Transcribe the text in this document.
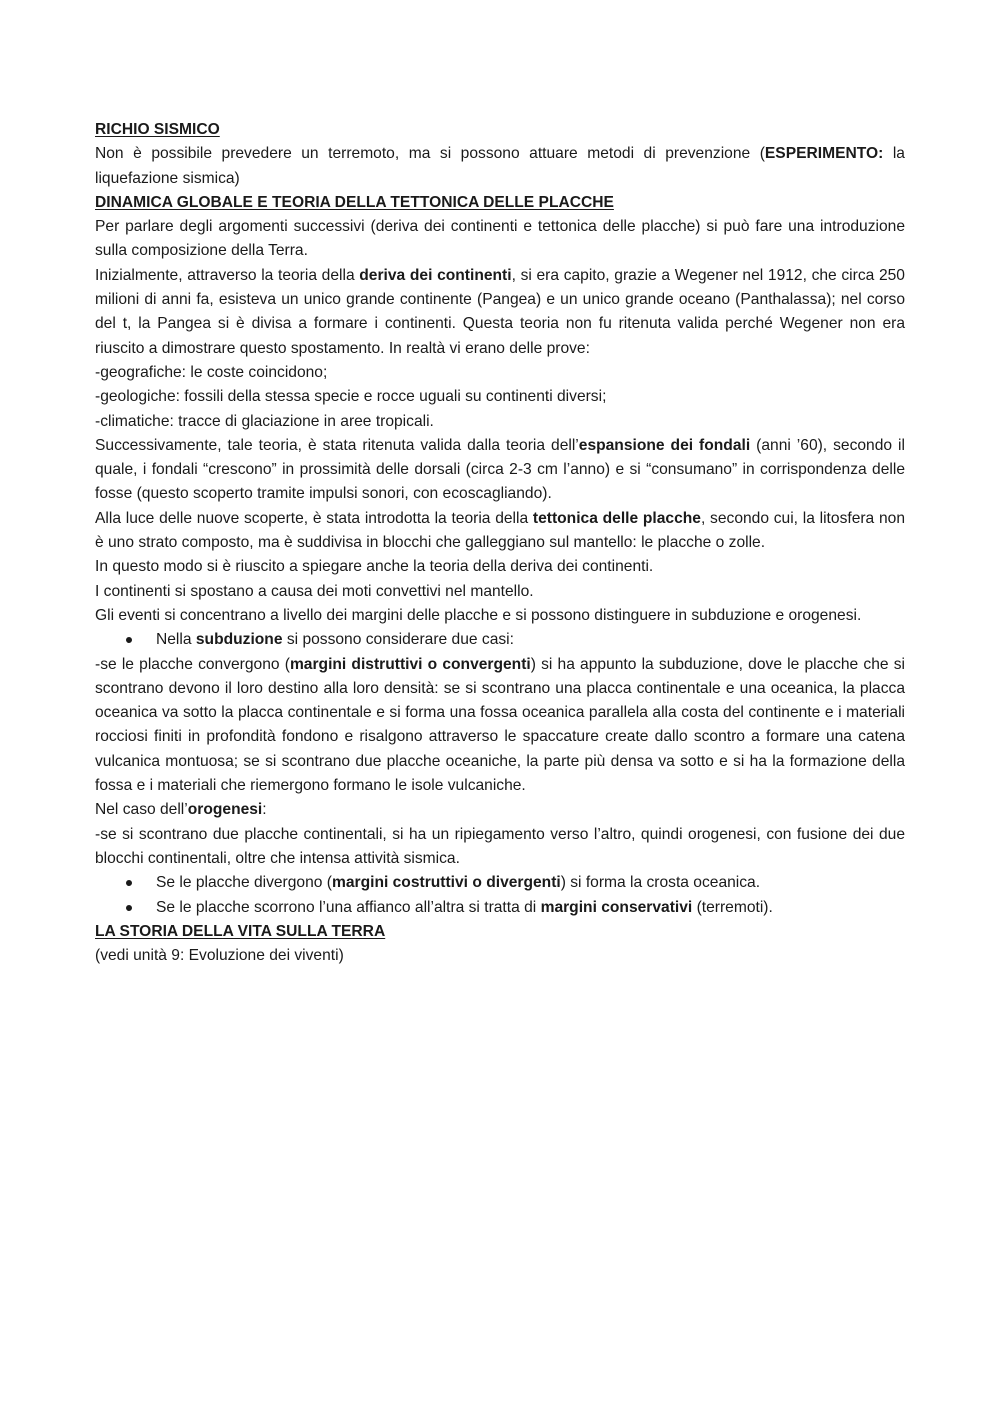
RICHIO SISMICO

Non è possibile prevedere un terremoto, ma si possono attuare metodi di prevenzione (ESPERIMENTO: la liquefazione sismica)

DINAMICA GLOBALE E TEORIA DELLA TETTONICA DELLE PLACCHE

Per parlare degli argomenti successivi (deriva dei continenti e tettonica delle placche) si può fare una introduzione sulla composizione della Terra.

Inizialmente, attraverso la teoria della deriva dei continenti, si era capito, grazie a Wegener nel 1912, che circa 250 milioni di anni fa, esisteva un unico grande continente (Pangea) e un unico grande oceano (Panthalassa); nel corso del t, la Pangea si è divisa a formare i continenti. Questa teoria non fu ritenuta valida perché Wegener non era riuscito a dimostrare questo spostamento. In realtà vi erano delle prove:

-geografiche: le coste coincidono;
-geologiche: fossili della stessa specie e rocce uguali su continenti diversi;
-climatiche: tracce di glaciazione in aree tropicali.

Successivamente, tale teoria, è stata ritenuta valida dalla teoria dell’espansione dei fondali (anni ’60), secondo il quale, i fondali “crescono” in prossimità delle dorsali (circa 2-3 cm l’anno) e si “consumano” in corrispondenza delle fosse (questo scoperto tramite impulsi sonori, con ecoscagliando).

Alla luce delle nuove scoperte, è stata introdotta la teoria della tettonica delle placche, secondo cui, la litosfera non è uno strato composto, ma è suddivisa in blocchi che galleggiano sul mantello: le placche o zolle.

In questo modo si è riuscito a spiegare anche la teoria della deriva dei continenti.

I continenti si spostano a causa dei moti convettivi nel mantello.

Gli eventi si concentrano a livello dei margini delle placche e si possono distinguere in subduzione e orogenesi.

Nella subduzione si possono considerare due casi:

-se le placche convergono (margini distruttivi o convergenti) si ha appunto la subduzione, dove le placche che si scontrano devono il loro destino alla loro densità: se si scontrano una placca continentale e una oceanica, la placca oceanica va sotto la placca continentale e si forma una fossa oceanica parallela alla costa del continente e i materiali rocciosi finiti in profondità fondono e risalgono attraverso le spaccature create dallo scontro a formare una catena vulcanica montuosa; se si scontrano due placche oceaniche, la parte più densa va sotto e si ha la formazione della fossa e i materiali che riemergono formano le isole vulcaniche.

Nel caso dell’orogenesi:

-se si scontrano due placche continentali, si ha un ripiegamento verso l’altro, quindi orogenesi, con fusione dei due blocchi continentali, oltre che intensa attività sismica.

Se le placche divergono (margini costruttivi o divergenti) si forma la crosta oceanica.
Se le placche scorrono l’una affianco all’altra si tratta di margini conservativi (terremoti).
LA STORIA DELLA VITA SULLA TERRA

(vedi unità 9: Evoluzione dei viventi)
